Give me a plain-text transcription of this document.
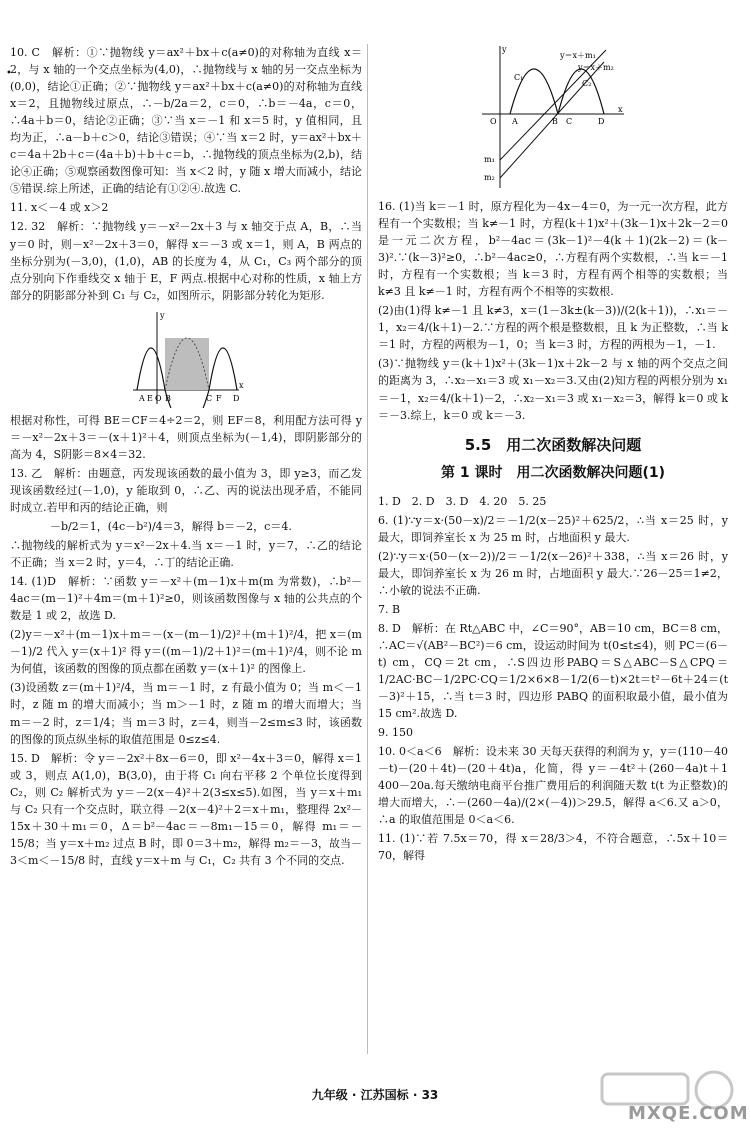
•

10. C　解析：①∵抛物线 y＝ax²＋bx＋c(a≠0)的对称轴为直线 x＝2，与 x 轴的一个交点坐标为(4,0)，∴抛物线与 x 轴的另一交点坐标为(0,0)，结论①正确；②∵抛物线 y＝ax²＋bx＋c(a≠0)的对称轴为直线 x＝2，且抛物线过原点，∴－b/2a＝2，c＝0，∴b＝－4a，c＝0，∴4a＋b＝0，结论②正确；③∵当 x＝－1 和 x＝5 时，y 值相同，且均为正，∴a－b＋c＞0，结论③错误；④∵当 x＝2 时，y＝ax²＋bx＋c＝4a＋2b＋c＝(4a＋b)＋b＋c＝b，∴抛物线的顶点坐标为(2,b)，结论④正确；⑤观察函数图像可知：当 x＜2 时，y 随 x 增大而减小，结论⑤错误.综上所述，正确的结论有①②④.故选 C.

11. x＜－4 或 x＞2

12. 32　解析：∵抛物线 y＝－x²－2x＋3 与 x 轴交于点 A，B，∴当 y＝0 时，则－x²－2x＋3＝0，解得 x＝－3 或 x＝1，则 A，B 两点的坐标分别为(－3,0)，(1,0)，AB 的长度为 4，从 C₁，C₃ 两个部分的顶点分别向下作垂线交 x 轴于 E，F 两点.根据中心对称的性质，x 轴上方部分的阴影部分补到 C₁ 与 C₂，如图所示，阴影部分转化为矩形.

y
A E O B	C F D
x

根据对称性，可得 BE＝CF＝4÷2＝2，则 EF＝8，利用配方法可得 y＝－x²－2x＋3＝－(x＋1)²＋4，则顶点坐标为(－1,4)，即阴影部分的高为 4，S阴影＝8×4＝32.

13. 乙　解析：由题意，丙发现该函数的最小值为 3，即 y≥3，而乙发现该函数经过(－1,0)，y 能取到 0，∴乙、丙的说法出现矛盾，不能同时成立.若甲和丙的结论正确，则

－b/2＝1，(4c－b²)/4＝3，解得 b＝－2，c＝4.

∴抛物线的解析式为 y＝x²－2x＋4.当 x＝－1 时，y＝7，∴乙的结论不正确；当 x＝2 时，y＝4，∴丁的结论正确.

14. (1)D　解析：∵函数 y＝－x²＋(m－1)x＋m(m 为常数)，∴b²－4ac＝(m－1)²＋4m＝(m＋1)²≥0，则该函数图像与 x 轴的公共点的个数是 1 或 2，故选 D.

(2)y＝－x²＋(m－1)x＋m＝－(x－(m－1)/2)²＋(m＋1)²/4，把 x＝(m－1)/2 代入 y＝(x＋1)² 得 y＝((m－1)/2＋1)²＝(m＋1)²/4，则不论 m 为何值，该函数的图像的顶点都在函数 y＝(x＋1)² 的图像上.

(3)设函数 z＝(m＋1)²/4，当 m＝－1 时，z 有最小值为 0；当 m＜－1 时，z 随 m 的增大而减小；当 m＞－1 时，z 随 m 的增大而增大；当 m＝－2 时，z＝1/4；当 m＝3 时，z＝4，则当－2≤m≤3 时，该函数的图像的顶点纵坐标的取值范围是 0≤z≤4.

15. D　解析：令 y＝－2x²＋8x－6＝0，即 x²－4x＋3＝0，解得 x＝1 或 3，则点 A(1,0)，B(3,0)，由于将 C₁ 向右平移 2 个单位长度得到 C₂，则 C₂ 解析式为 y＝－2(x－4)²＋2(3≤x≤5).如图，当 y＝x＋m₁ 与 C₂ 只有一个交点时，联立得 －2(x－4)²＋2＝x＋m₁，整理得 2x²－15x＋30＋m₁＝0，Δ＝b²－4ac＝－8m₁－15＝0，解得 m₁＝－15/8；当 y＝x＋m₂ 过点 B 时，即 0＝3＋m₂，解得 m₂＝－3，故当－3＜m＜－15/8 时，直线 y＝x＋m 与 C₁，C₂ 共有 3 个不同的交点.

y
y＝x＋m₁
y＝x＋m₂
C₁
C₂
O A	B C	D
x
m₁
m₂

16. (1)当 k＝－1 时，原方程化为－4x－4＝0，为一元一次方程，此方程有一个实数根；当 k≠－1 时，方程(k＋1)x²＋(3k－1)x＋2k－2＝0 是一元二次方程，b²－4ac＝(3k－1)²－4(k＋1)(2k－2)＝(k－3)².∵(k－3)²≥0，∴b²－4ac≥0，∴方程有两个实数根，∴当 k＝－1 时，方程有一个实数根；当 k＝3 时，方程有两个相等的实数根；当 k≠3 且 k≠－1 时，方程有两个不相等的实数根.

(2)由(1)得 k≠－1 且 k≠3，x＝(1－3k±(k－3))/(2(k＋1))，∴x₁＝－1，x₂＝4/(k＋1)－2.∵方程的两个根是整数根，且 k 为正整数，∴当 k＝1 时，方程的两根为－1，0；当 k＝3 时，方程的两根为－1，－1.

(3)∵抛物线 y＝(k＋1)x²＋(3k－1)x＋2k－2 与 x 轴的两个交点之间的距离为 3，∴x₂－x₁＝3 或 x₁－x₂＝3.又由(2)知方程的两根分别为 x₁＝－1，x₂＝4/(k＋1)－2，∴x₂－x₁＝3 或 x₁－x₂＝3，解得 k＝0 或 k＝－3.综上，k＝0 或 k＝－3.

5.5　用二次函数解决问题
第 1 课时　用二次函数解决问题(1)

1. D　2. D　3. D　4. 20　5. 25

6. (1)∵y＝x·(50－x)/2＝－1/2(x－25)²＋625/2，∴当 x＝25 时，y 最大，即饲养室长 x 为 25 m 时，占地面积 y 最大.

(2)∵y＝x·(50－(x－2))/2＝－1/2(x－26)²＋338，∴当 x＝26 时，y 最大，即饲养室长 x 为 26 m 时，占地面积 y 最大.∵26－25＝1≠2，∴小敏的说法不正确.

7. B

8. D　解析：在 Rt△ABC 中，∠C＝90°，AB＝10 cm，BC＝8 cm，∴AC＝√(AB²－BC²)＝6 cm，设运动时间为 t(0≤t≤4)，则 PC＝(6－t) cm，CQ＝2t cm，∴S四边形PABQ＝S△ABC－S△CPQ＝1/2AC·BC－1/2PC·CQ＝1/2×6×8－1/2(6－t)×2t＝t²－6t＋24＝(t－3)²＋15，∴当 t＝3 时，四边形 PABQ 的面积取最小值，最小值为 15 cm².故选 D.

9. 150

10. 0＜a＜6　解析：设未来 30 天每天获得的利润为 y，y＝(110－40－t)－(20＋4t)－(20＋4t)a，化简，得 y＝－4t²＋(260－4a)t＋1 400－20a.每天缴纳电商平台推广费用后的利润随天数 t(t 为正整数)的增大而增大，∴－(260－4a)/(2×(－4))＞29.5，解得 a＜6.又 a＞0，∴a 的取值范围是 0＜a＜6.

11. (1)∵若 7.5x＝70，得 x＝28/3＞4，不符合题意，∴5x＋10＝70，解得

九年级 · 江苏国标 · 33
MXQE.COM
